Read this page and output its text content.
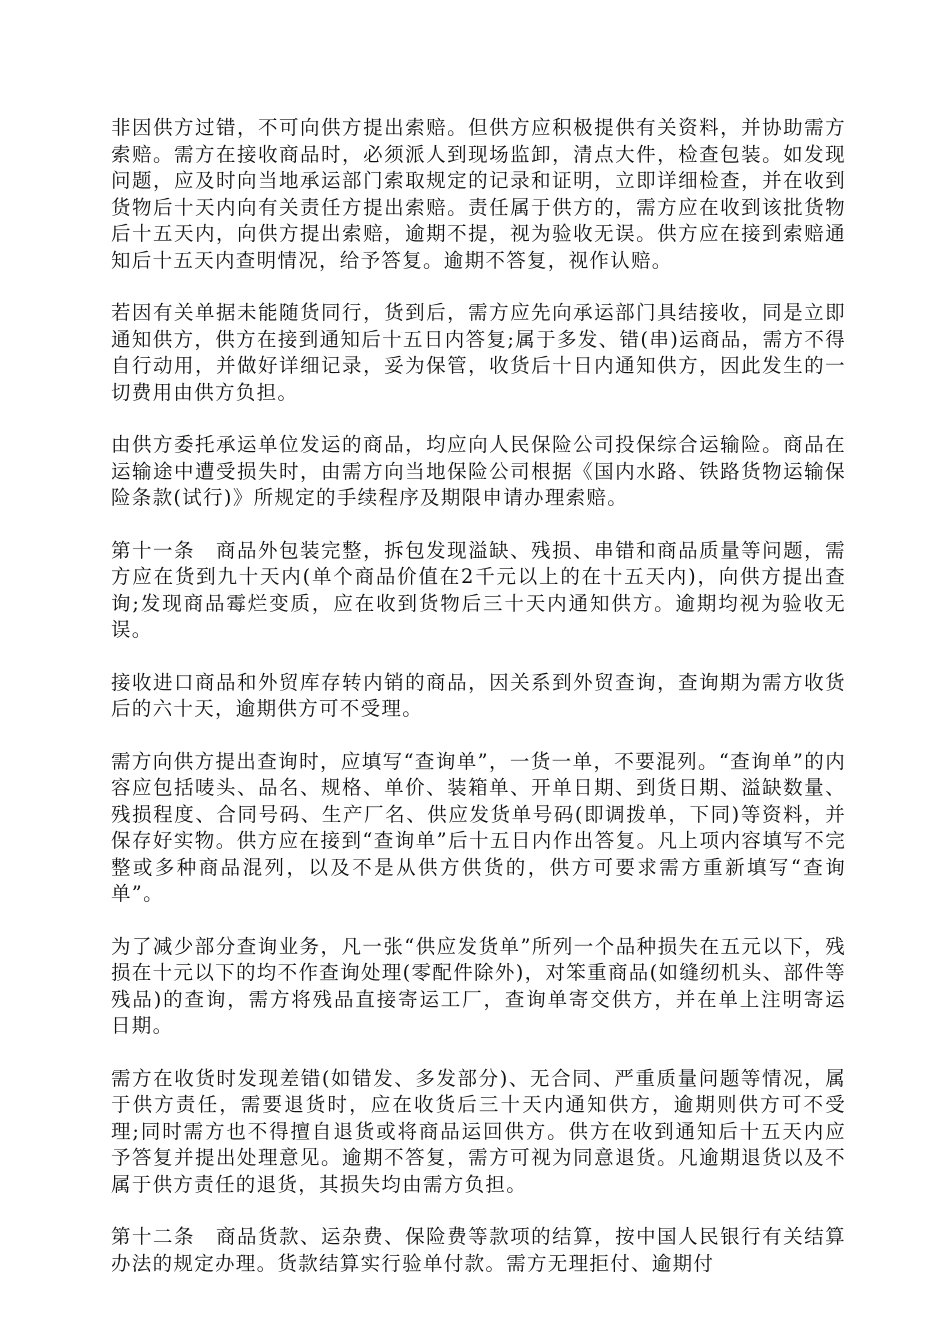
非因供方过错，不可向供方提出索赔。但供方应积极提供有关资料，并协助需方索赔。需方在接收商品时，必须派人到现场监卸，清点大件，检查包装。如发现问题，应及时向当地承运部门索取规定的记录和证明，立即详细检查，并在收到货物后十天内向有关责任方提出索赔。责任属于供方的，需方应在收到该批货物后十五天内，向供方提出索赔，逾期不提，视为验收无误。供方应在接到索赔通知后十五天内查明情况，给予答复。逾期不答复，视作认赔。

若因有关单据未能随货同行，货到后，需方应先向承运部门具结接收，同是立即通知供方，供方在接到通知后十五日内答复;属于多发、错(串)运商品，需方不得自行动用，并做好详细记录，妥为保管，收货后十日内通知供方，因此发生的一切费用由供方负担。

由供方委托承运单位发运的商品，均应向人民保险公司投保综合运输险。商品在运输途中遭受损失时，由需方向当地保险公司根据《国内水路、铁路货物运输保险条款(试行)》所规定的手续程序及期限申请办理索赔。

第十一条　商品外包装完整，拆包发现溢缺、残损、串错和商品质量等问题，需方应在货到九十天内(单个商品价值在2千元以上的在十五天内)，向供方提出查询;发现商品霉烂变质，应在收到货物后三十天内通知供方。逾期均视为验收无误。

接收进口商品和外贸库存转内销的商品，因关系到外贸查询，查询期为需方收货后的六十天，逾期供方可不受理。

需方向供方提出查询时，应填写“查询单”，一货一单，不要混列。“查询单”的内容应包括唛头、品名、规格、单价、装箱单、开单日期、到货日期、溢缺数量、残损程度、合同号码、生产厂名、供应发货单号码(即调拨单，下同)等资料，并保存好实物。供方应在接到“查询单”后十五日内作出答复。凡上项内容填写不完整或多种商品混列，以及不是从供方供货的，供方可要求需方重新填写“查询单”。

为了减少部分查询业务，凡一张“供应发货单”所列一个品种损失在五元以下，残损在十元以下的均不作查询处理(零配件除外)，对笨重商品(如缝纫机头、部件等残品)的查询，需方将残品直接寄运工厂，查询单寄交供方，并在单上注明寄运日期。

需方在收货时发现差错(如错发、多发部分)、无合同、严重质量问题等情况，属于供方责任，需要退货时，应在收货后三十天内通知供方，逾期则供方可不受理;同时需方也不得擅自退货或将商品运回供方。供方在收到通知后十五天内应予答复并提出处理意见。逾期不答复，需方可视为同意退货。凡逾期退货以及不属于供方责任的退货，其损失均由需方负担。

第十二条　商品货款、运杂费、保险费等款项的结算，按中国人民银行有关结算办法的规定办理。货款结算实行验单付款。需方无理拒付、逾期付
